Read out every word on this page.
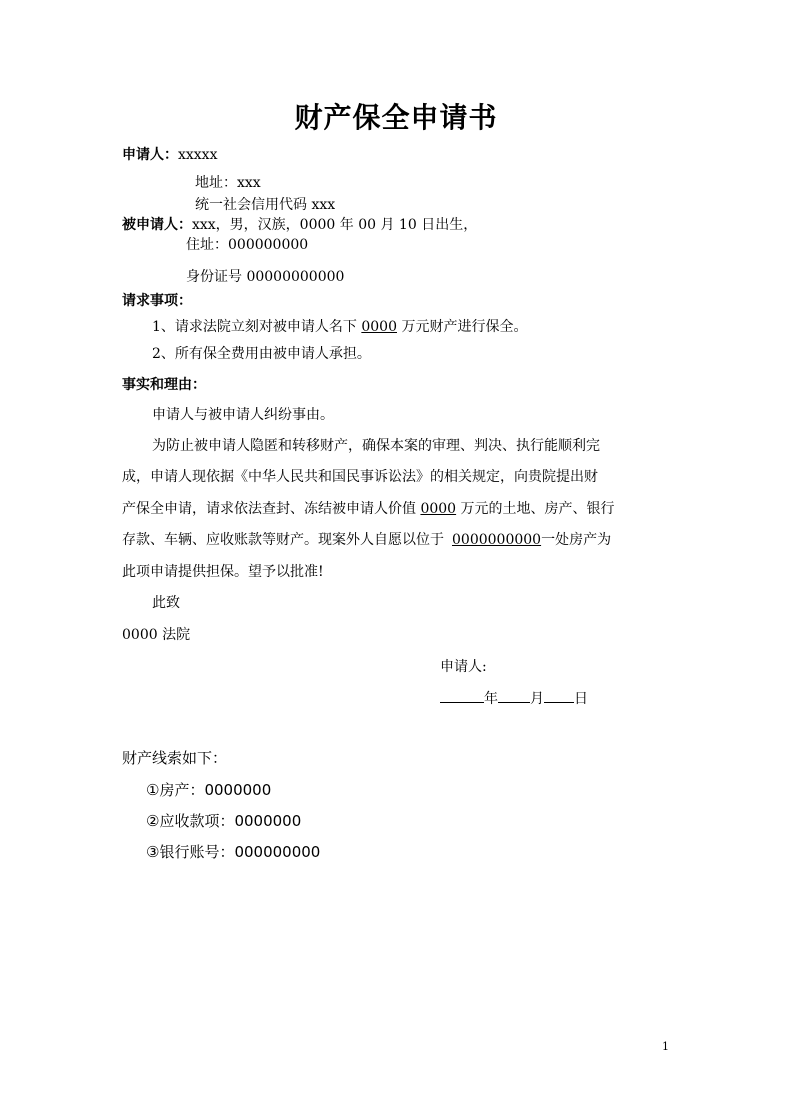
财产保全申请书
申请人：xxxxx
地址：xxx
统一社会信用代码 xxx
被申请人：xxx，男，汉族，0000 年 00 月 10 日出生，
住址：000000000
身份证号 00000000000
请求事项：
1、请求法院立刻对被申请人名下 0000 万元财产进行保全。
2、所有保全费用由被申请人承担。
事实和理由：
申请人与被申请人纠纷事由。
为防止被申请人隐匿和转移财产，确保本案的审理、判决、执行能顺利完
成，申请人现依据《中华人民共和国民事诉讼法》的相关规定，向贵院提出财
产保全申请，请求依法查封、冻结被申请人价值 0000 万元的土地、房产、银行
存款、车辆、应收账款等财产。现案外人自愿以位于 0000000000一处房产为
此项申请提供担保。望予以批准!
此致
0000 法院
申请人:
年 月 日
财产线索如下：
①房产：0000000
②应收款项：0000000
③银行账号：000000000
1
